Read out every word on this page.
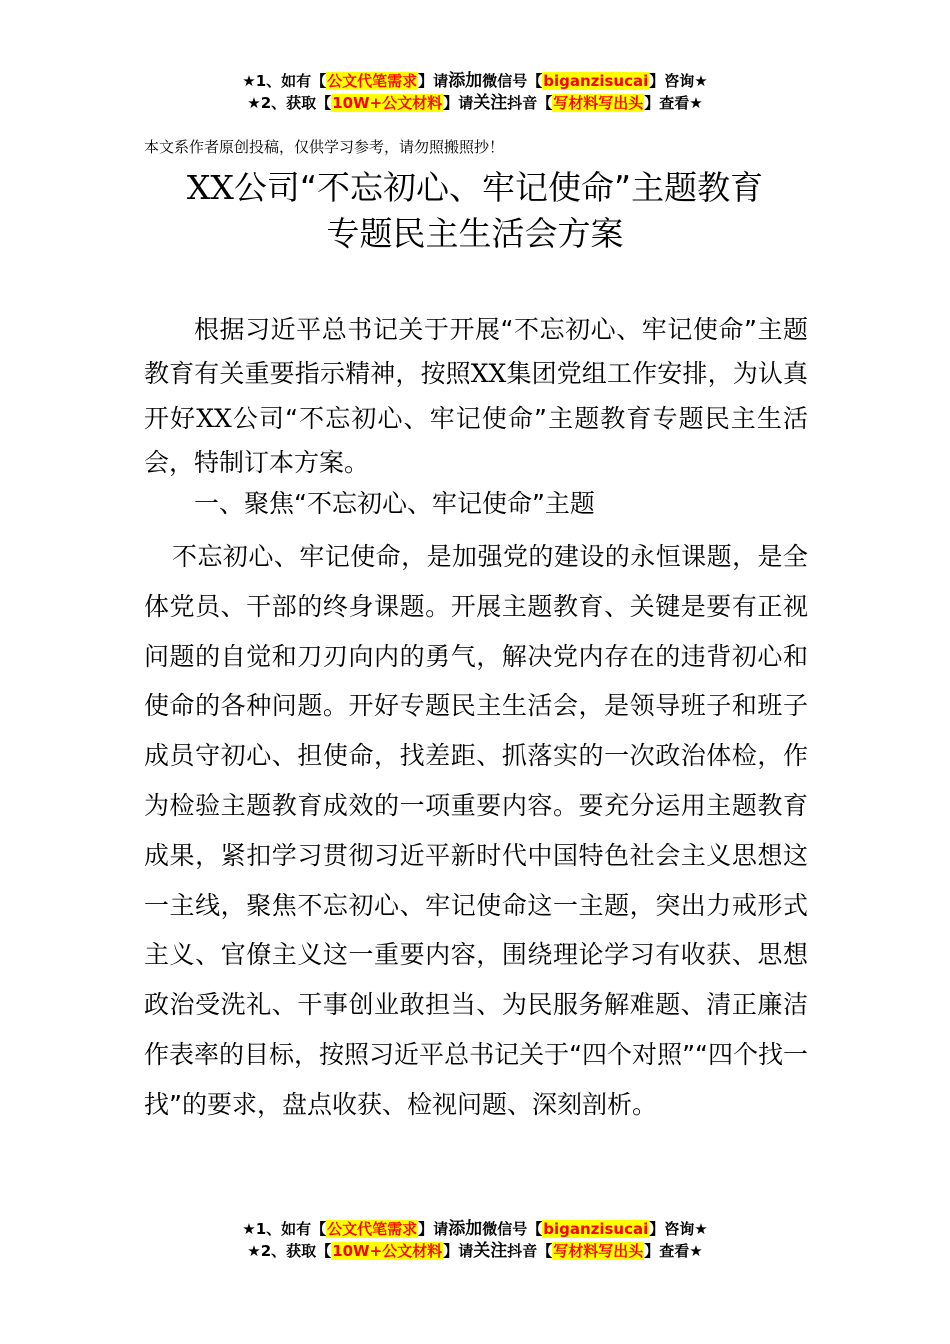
★1、如有【公文代笔需求】请添加微信号【biganzisucai】咨询★
★2、获取【10W+公文材料】请关注抖音【写材料写出头】查看★
本文系作者原创投稿，仅供学习参考，请勿照搬照抄！
XX公司“不忘初心、牢记使命”主题教育
专题民主生活会方案

根据习近平总书记关于开展“不忘初心、牢记使命”主题教育有关重要指示精神，按照XX集团党组工作安排，为认真开好XX公司“不忘初心、牢记使命”主题教育专题民主生活会，特制订本方案。

一、聚焦“不忘初心、牢记使命”主题

不忘初心、牢记使命，是加强党的建设的永恒课题，是全体党员、干部的终身课题。开展主题教育、关键是要有正视问题的自觉和刀刃向内的勇气，解决党内存在的违背初心和使命的各种问题。开好专题民主生活会，是领导班子和班子成员守初心、担使命，找差距、抓落实的一次政治体检，作为检验主题教育成效的一项重要内容。要充分运用主题教育成果，紧扣学习贯彻习近平新时代中国特色社会主义思想这一主线，聚焦不忘初心、牢记使命这一主题，突出力戒形式主义、官僚主义这一重要内容，围绕理论学习有收获、思想政治受洗礼、干事创业敢担当、为民服务解难题、清正廉洁作表率的目标，按照习近平总书记关于“四个对照”“四个找一找”的要求，盘点收获、检视问题、深刻剖析。

★1、如有【公文代笔需求】请添加微信号【biganzisucai】咨询★
★2、获取【10W+公文材料】请关注抖音【写材料写出头】查看★
